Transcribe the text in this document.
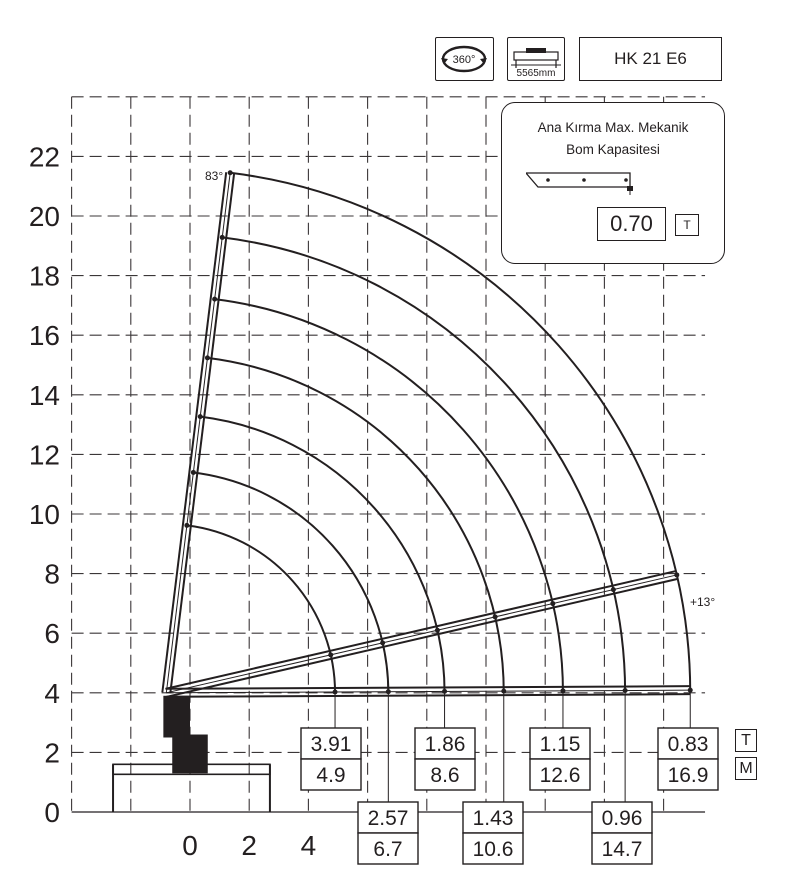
0
2
4
6
8
10
12
14
16
18
20
22
0 2 4
3.91
4.9
2.57
6.7
1.86
8.6
1.43
10.6
1.15
12.6
0.96
14.7
0.83
16.9
83°
+13°
360°
5565mm
HK 21 E6
Ana Kırma Max. Mekanik
Bom Kapasitesi
0.70	T
T
M
